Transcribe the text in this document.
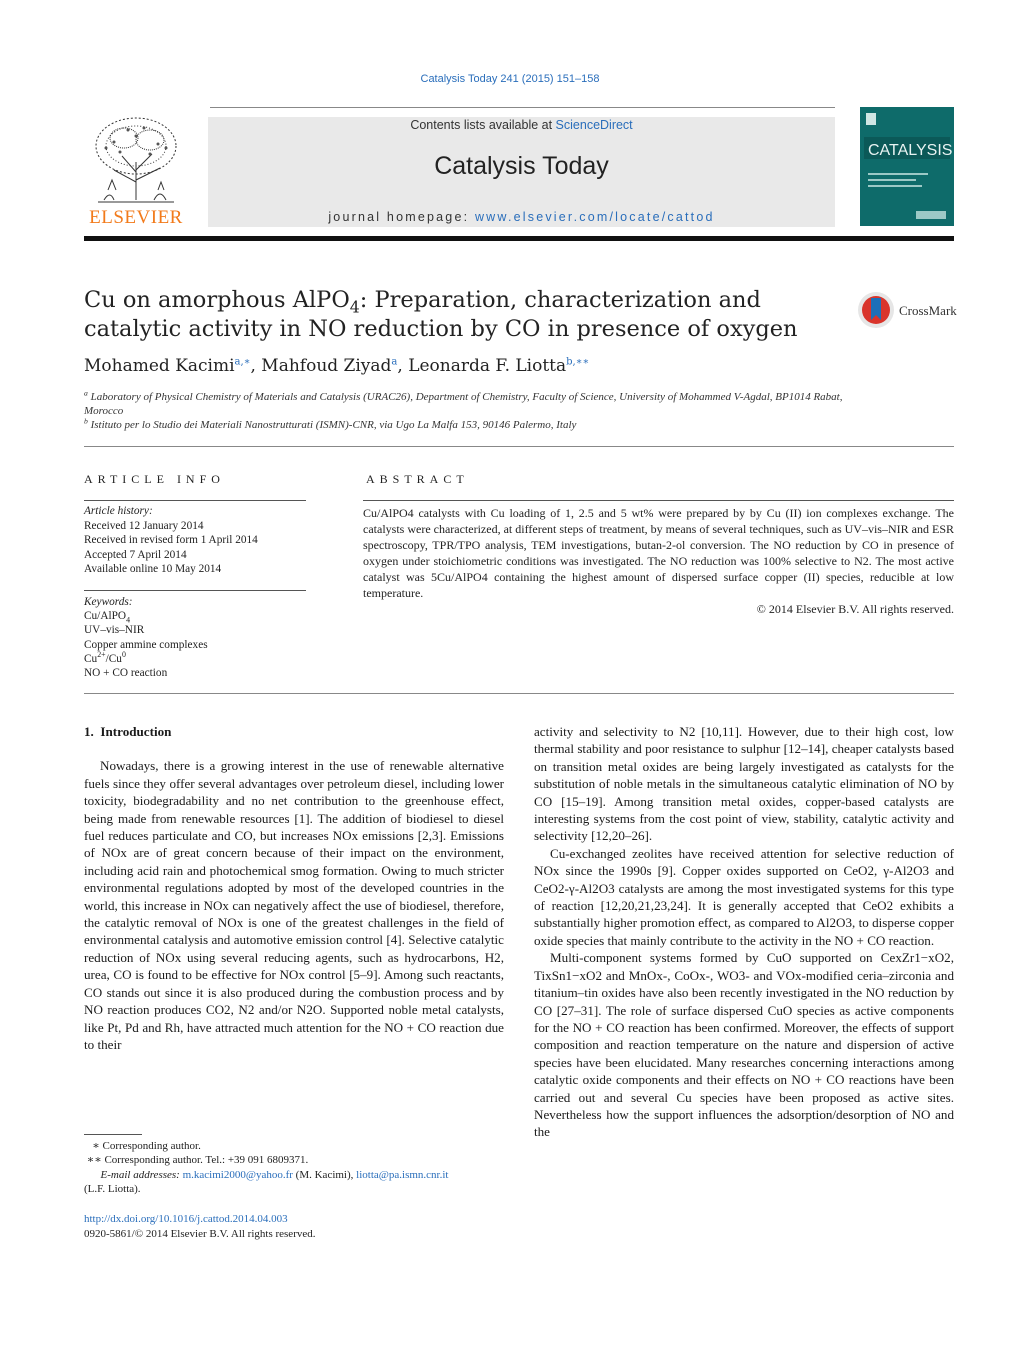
Catalysis Today 241 (2015) 151–158
ELSEVIER
Contents lists available at ScienceDirect
Catalysis Today
journal homepage: www.elsevier.com/locate/cattod
CATALYSIS
Cu on amorphous AlPO$_4$: Preparation, characterization and catalytic activity in NO reduction by CO in presence of oxygen
CrossMark
Mohamed Kacimi$^{a,∗}$, Mahfoud Ziyad$^a$, Leonarda F. Liotta$^{b,∗∗}$
$^a$ Laboratory of Physical Chemistry of Materials and Catalysis (URAC26), Department of Chemistry, Faculty of Science, University of Mohammed V-Agdal, BP1014 Rabat, Morocco
$^b$ Istituto per lo Studio dei Materiali Nanostrutturati (ISMN)-CNR, via Ugo La Malfa 153, 90146 Palermo, Italy
ARTICLE INFO
Article history:
Received 12 January 2014
Received in revised form 1 April 2014
Accepted 7 April 2014
Available online 10 May 2014
Keywords:
Cu/AlPO$_4$
UV–vis–NIR
Copper ammine complexes
$Cu^{2+}/Cu^0$
NO + CO reaction
ABSTRACT
Cu/AlPO4 catalysts with Cu loading of 1, 2.5 and 5 wt% were prepared by by Cu (II) ion complexes exchange. The catalysts were characterized, at different steps of treatment, by means of several techniques, such as UV–vis–NIR and ESR spectroscopy, TPR/TPO analysis, TEM investigations, butan-2-ol conversion. The NO reduction by CO in presence of oxygen under stoichiometric conditions was investigated. The NO reduction was 100% selective to N2. The most active catalyst was 5Cu/AlPO4 containing the highest amount of dispersed surface copper (II) species, reducible at low temperature.
© 2014 Elsevier B.V. All rights reserved.

1. Introduction

Nowadays, there is a growing interest in the use of renewable alternative fuels since they offer several advantages over petroleum diesel, including lower toxicity, biodegradability and no net contribution to the greenhouse effect, being made from renewable resources [1]. The addition of biodiesel to diesel fuel reduces particulate and CO, but increases NOx emissions [2,3]. Emissions of NOx are of great concern because of their impact on the environment, including acid rain and photochemical smog formation. Owing to much stricter environmental regulations adopted by most of the developed countries in the world, this increase in NOx can negatively affect the use of biodiesel, therefore, the catalytic removal of NOx is one of the greatest challenges in the field of environmental catalysis and automotive emission control [4]. Selective catalytic reduction of NOx using several reducing agents, such as hydrocarbons, H2, urea, CO is found to be effective for NOx control [5–9]. Among such reactants, CO stands out since it is also produced during the combustion process and by NO reaction produces CO2, N2 and/or N2O. Supported noble metal catalysts, like Pt, Pd and Rh, have attracted much attention for the NO + CO reaction due to their

activity and selectivity to N2 [10,11]. However, due to their high cost, low thermal stability and poor resistance to sulphur [12–14], cheaper catalysts based on transition metal oxides are being largely investigated as catalysts for the substitution of noble metals in the simultaneous catalytic elimination of NO by CO [15–19]. Among transition metal oxides, copper-based catalysts are interesting systems from the cost point of view, stability, catalytic activity and selectivity [12,20–26].

Cu-exchanged zeolites have received attention for selective reduction of NOx since the 1990s [9]. Copper oxides supported on CeO2, γ-Al2O3 and CeO2-γ-Al2O3 catalysts are among the most investigated systems for this type of reaction [12,20,21,23,24]. It is generally accepted that CeO2 exhibits a substantially higher promotion effect, as compared to Al2O3, to disperse copper oxide species that mainly contribute to the activity in the NO + CO reaction.

Multi-component systems formed by CuO supported on CexZr1−xO2, TixSn1−xO2 and MnOx-, CoOx-, WO3- and VOx-modified ceria–zirconia and titanium–tin oxides have also been recently investigated in the NO reduction by CO [27–31]. The role of surface dispersed CuO species as active components for the NO + CO reaction has been confirmed. Moreover, the effects of support composition and reaction temperature on the nature and dispersion of active species have been elucidated. Many researches concerning interactions among catalytic oxide components and their effects on NO + CO reactions have been carried out and several Cu species have been proposed as active sites. Nevertheless how the support influences the adsorption/desorption of NO and the

∗ Corresponding author.
∗∗ Corresponding author. Tel.: +39 091 6809371.
E-mail addresses: m.kacimi2000@yahoo.fr (M. Kacimi), liotta@pa.ismn.cnr.it
(L.F. Liotta).
http://dx.doi.org/10.1016/j.cattod.2014.04.003
0920-5861/© 2014 Elsevier B.V. All rights reserved.
